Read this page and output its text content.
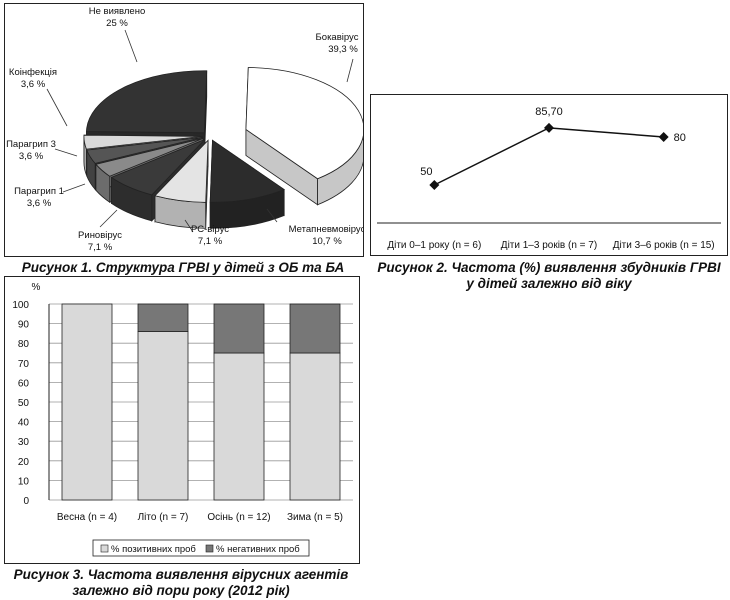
Бокавірус
39,3 %
Метапневмовірус
10,7 %
РС-вірус
7,1 %
Риновірус
7,1 %
Парагрип 1
3,6 %
Парагрип 3
3,6 %
Коінфекція
3,6 %
Не виявлено
25 %
Рисунок 1. Структура ГРВІ у дітей з ОБ та БА
50
85,70
80
Діти 0–1 року (n = 6) Діти 1–3 років (n = 7) Діти 3–6 років (n = 15)
Рисунок 2. Частота (%) виявлення збудників ГРВІ
у дітей залежно від віку
%
0
10
20
30
40
50
60
70
80
90
100
Весна (n = 4) Літо (n = 7) Осінь (n = 12) Зима (n = 5)
% позитивних проб % негативних проб
Рисунок 3. Частота виявлення вірусних агентів
залежно від пори року (2012 рік)
